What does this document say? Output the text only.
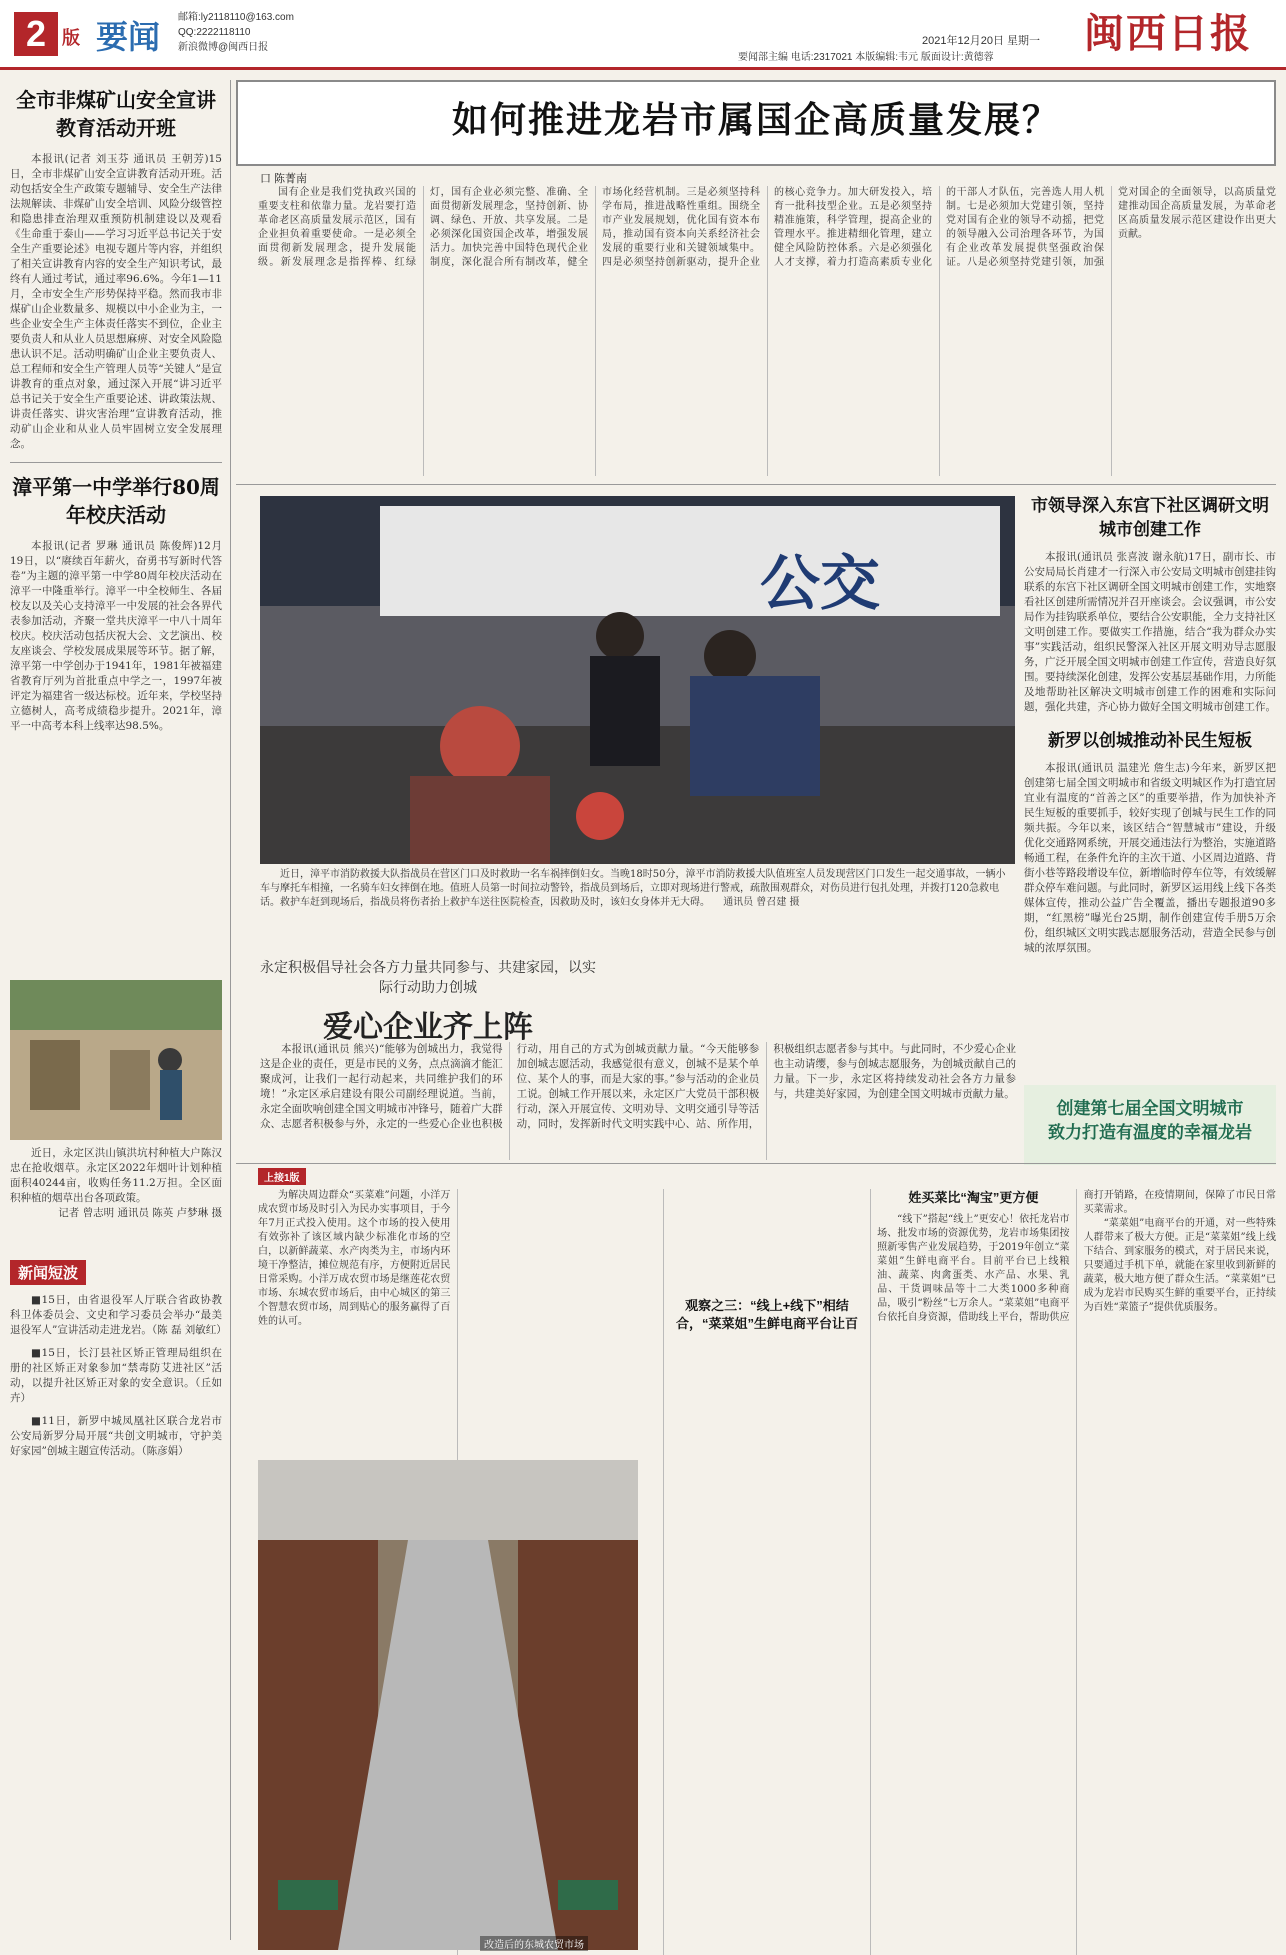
2 版 要闻
邮箱:ly2118110@163.com
QQ:2222118110
新浪微博@闽西日报
2021年12月20日 星期一
要闻部主编 电话:2317021 本版编辑:韦元 版面设计:黄德蓉
闽西日报
全市非煤矿山安全宣讲教育活动开班

本报讯(记者 刘玉芬 通讯员 王朝芳)15日，全市非煤矿山安全宣讲教育活动开班。活动包括安全生产政策专题辅导、安全生产法律法规解读、非煤矿山安全培训、风险分级管控和隐患排查治理双重预防机制建设以及观看《生命重于泰山——学习习近平总书记关于安全生产重要论述》电视专题片等内容，并组织了相关宣讲教育内容的安全生产知识考试，最终有人通过考试，通过率96.6%。今年1—11月，全市安全生产形势保持平稳。然而我市非煤矿山企业数量多、规模以中小企业为主，一些企业安全生产主体责任落实不到位，企业主要负责人和从业人员思想麻痹、对安全风险隐患认识不足。活动明确矿山企业主要负责人、总工程师和安全生产管理人员等“关键人”是宣讲教育的重点对象，通过深入开展“讲习近平总书记关于安全生产重要论述、讲政策法规、讲责任落实、讲灾害治理”宣讲教育活动，推动矿山企业和从业人员牢固树立安全发展理念。

漳平第一中学举行80周年校庆活动

本报讯(记者 罗琳 通讯员 陈俊辉)12月19日，以“赓续百年薪火，奋勇书写新时代答卷”为主题的漳平第一中学80周年校庆活动在漳平一中隆重举行。漳平一中全校师生、各届校友以及关心支持漳平一中发展的社会各界代表参加活动，齐聚一堂共庆漳平一中八十周年校庆。校庆活动包括庆祝大会、文艺演出、校友座谈会、学校发展成果展等环节。据了解，漳平第一中学创办于1941年，1981年被福建省教育厅列为首批重点中学之一，1997年被评定为福建省一级达标校。近年来，学校坚持立德树人，高考成绩稳步提升。2021年，漳平一中高考本科上线率达98.5%。

近日，永定区洪山镇洪坑村种植大户陈汉忠在抢收烟草。永定区2022年烟叶计划种植面积40244亩，收购任务11.2万担。全区面积种植的烟草出台各项政策。

记者 曾志明 通讯员 陈英 卢梦琳 摄

新闻短波

■15日，由省退役军人厅联合省政协教科卫体委员会、文史和学习委员会举办“最美退役军人”宣讲活动走进龙岩。（陈 磊 刘敏红）

■15日，长汀县社区矫正管理局组织在册的社区矫正对象参加“禁毒防艾进社区”活动，以提升社区矫正对象的安全意识。（丘如卉）

■11日，新罗中城凤凰社区联合龙岩市公安局新罗分局开展“共创文明城市，守护美好家园”创城主题宣传活动。（陈彦娟）

如何推进龙岩市属国企高质量发展？
口 陈菁南

国有企业是我们党执政兴国的重要支柱和依靠力量。龙岩要打造革命老区高质量发展示范区，国有企业担负着重要使命。一是必须全面贯彻新发展理念，提升发展能级。新发展理念是指挥棒、红绿灯，国有企业必须完整、准确、全面贯彻新发展理念，坚持创新、协调、绿色、开放、共享发展。二是必须深化国资国企改革，增强发展活力。加快完善中国特色现代企业制度，深化混合所有制改革，健全市场化经营机制。三是必须坚持科学布局，推进战略性重组。围绕全市产业发展规划，优化国有资本布局，推动国有资本向关系经济社会发展的重要行业和关键领域集中。四是必须坚持创新驱动，提升企业的核心竞争力。加大研发投入，培育一批科技型企业。五是必须坚持精准施策，科学管理，提高企业的管理水平。推进精细化管理，建立健全风险防控体系。六是必须强化人才支撑，着力打造高素质专业化的干部人才队伍，完善选人用人机制。七是必须加大党建引领，坚持党对国有企业的领导不动摇，把党的领导融入公司治理各环节，为国有企业改革发展提供坚强政治保证。八是必须坚持党建引领，加强党对国企的全面领导，以高质量党建推动国企高质量发展，为革命老区高质量发展示范区建设作出更大贡献。

公交
近日，漳平市消防救援大队指战员在营区门口及时救助一名车祸摔倒妇女。当晚18时50分，漳平市消防救援大队值班室人员发现营区门口发生一起交通事故，一辆小车与摩托车相撞，一名骑车妇女摔倒在地。值班人员第一时间拉动警铃，指战员到场后，立即对现场进行警戒，疏散围观群众，对伤员进行包扎处理，并拨打120急救电话。救护车赶到现场后，指战员将伤者抬上救护车送往医院检查，因救助及时，该妇女身体并无大碍。 通讯员 曾召建 摄
市领导深入东宫下社区调研文明城市创建工作

本报讯(通讯员 张喜波 谢永航)17日，副市长、市公安局局长肖建才一行深入市公安局文明城市创建挂钩联系的东宫下社区调研全国文明城市创建工作，实地察看社区创建所需情况并召开座谈会。会议强调，市公安局作为挂钩联系单位，要结合公安职能，全力支持社区文明创建工作。要做实工作措施，结合“我为群众办实事”实践活动，组织民警深入社区开展文明劝导志愿服务，广泛开展全国文明城市创建工作宣传，营造良好氛围。要持续深化创建，发挥公安基层基础作用，力所能及地帮助社区解决文明城市创建工作的困难和实际问题，强化共建，齐心协力做好全国文明城市创建工作。

新罗以创城推动补民生短板

本报讯(通讯员 温建光 詹生志)今年来，新罗区把创建第七届全国文明城市和省级文明城区作为打造宜居宜业有温度的“首善之区”的重要举措，作为加快补齐民生短板的重要抓手，较好实现了创城与民生工作的同频共振。今年以来，该区结合“智慧城市”建设，升级优化交通路网系统，开展交通违法行为整治，实施道路畅通工程，在条件允许的主次干道、小区周边道路、背街小巷等路段增设车位，新增临时停车位等，有效缓解群众停车难问题。与此同时，新罗区运用线上线下各类媒体宣传，推动公益广告全覆盖，播出专题报道90多期，“红黑榜”曝光台25期，制作创建宣传手册5万余份，组织城区文明实践志愿服务活动，营造全民参与创城的浓厚氛围。

创建第七届全国文明城市
致力打造有温度的幸福龙岩
永定积极倡导社会各方力量共同参与、共建家园，以实际行动助力创城
爱心企业齐上阵

本报讯(通讯员 熊兴)“能够为创城出力，我觉得这是企业的责任，更是市民的义务，点点滴滴才能汇聚成河，让我们一起行动起来，共同维护我们的环境！”永定区承启建设有限公司副经理说道。当前，永定全面吹响创建全国文明城市冲锋号，随着广大群众、志愿者积极参与外，永定的一些爱心企业也积极行动，用自己的方式为创城贡献力量。“今天能够参加创城志愿活动，我感觉很有意义，创城不是某个单位、某个人的事，而是大家的事。”参与活动的企业员工说。创城工作开展以来，永定区广大党员干部积极行动，深入开展宣传、文明劝导、文明交通引导等活动，同时，发挥新时代文明实践中心、站、所作用，积极组织志愿者参与其中。与此同时，不少爱心企业也主动请缨，参与创城志愿服务，为创城贡献自己的力量。下一步，永定区将持续发动社会各方力量参与，共建美好家园，为创建全国文明城市贡献力量。

上接1版

为解决周边群众“买菜难”问题，小洋万成农贸市场及时引入为民办实事项目，于今年7月正式投入使用。这个市场的投入使用有效弥补了该区域内缺少标准化市场的空白，以新鲜蔬菜、水产肉类为主，市场内环境干净整洁，摊位规范有序，方便附近居民日常采购。小洋万成农贸市场是继莲花农贸市场、东城农贸市场后，由中心城区的第三个智慧农贸市场，周到贴心的服务赢得了百姓的认可。

观察之三：“线上+线下”相结合，“菜菜姐”生鲜电商平台让百姓买菜比“淘宝”更方便

“线下”搭起“线上”更安心！依托龙岩市场、批发市场的资源优势，龙岩市场集团按照新零售产业发展趋势，于2019年创立“菜菜姐”生鲜电商平台。目前平台已上线粮油、蔬菜、肉禽蛋类、水产品、水果、乳品、干货调味品等十二大类1000多种商品，吸引“粉丝”七万余人。“菜菜姐”电商平台依托自身资源，借助线上平台，帮助供应商打开销路，在疫情期间，保障了市民日常买菜需求。

“菜菜姐”电商平台的开通，对一些特殊人群带来了极大方便。正是“菜菜姐”线上线下结合、到家服务的模式，对于居民来说，只要通过手机下单，就能在家里收到新鲜的蔬菜，极大地方便了群众生活。“菜菜姐”已成为龙岩市民购买生鲜的重要平台，正持续为百姓“菜篮子”提供优质服务。

改造后的东城农贸市场
